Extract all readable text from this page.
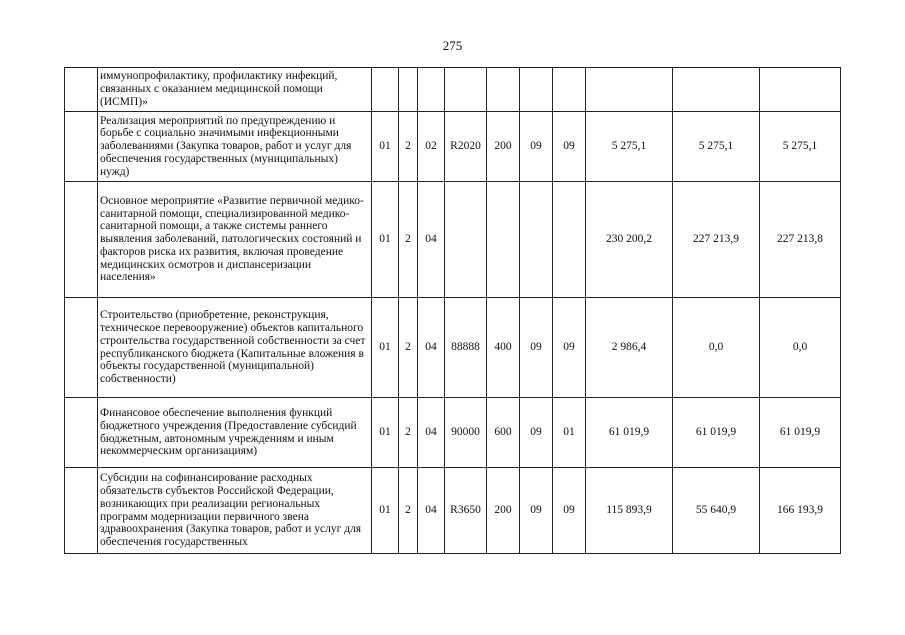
275
	иммунопрофилактику, профилактику инфекций, связанных с оказанием медицинской помощи (ИСМП)»										
	Реализация мероприятий по предупреждению и борьбе с социально значимыми инфекционными заболеваниями (Закупка товаров, работ и услуг для обеспечения государственных (муниципальных) нужд)	01	2	02	R2020	200	09	09	5 275,1	5 275,1	5 275,1
	Основное мероприятие «Развитие первичной медико-санитарной помощи, специализированной медико-санитарной помощи, а также системы раннего выявления заболеваний, патологических состояний и факторов риска их развития, включая проведение медицинских осмотров и диспансеризации населения»	01	2	04					230 200,2	227 213,9	227 213,8
	Строительство (приобретение, реконструкция, техническое перевооружение) объектов капитального строительства государственной собственности за счет республиканского бюджета (Капитальные вложения в объекты государственной (муниципальной) собственности)	01	2	04	88888	400	09	09	2 986,4	0,0	0,0
	Финансовое обеспечение выполнения функций бюджетного учреждения (Предоставление субсидий бюджетным, автономным учреждениям и иным некоммерческим организациям)	01	2	04	90000	600	09	01	61 019,9	61 019,9	61 019,9
	Субсидии на софинансирование расходных обязательств субъектов Российской Федерации, возникающих при реализации региональных программ модернизации первичного звена здравоохранения (Закупка товаров, работ и услуг для обеспечения государственных	01	2	04	R3650	200	09	09	115 893,9	55 640,9	166 193,9
